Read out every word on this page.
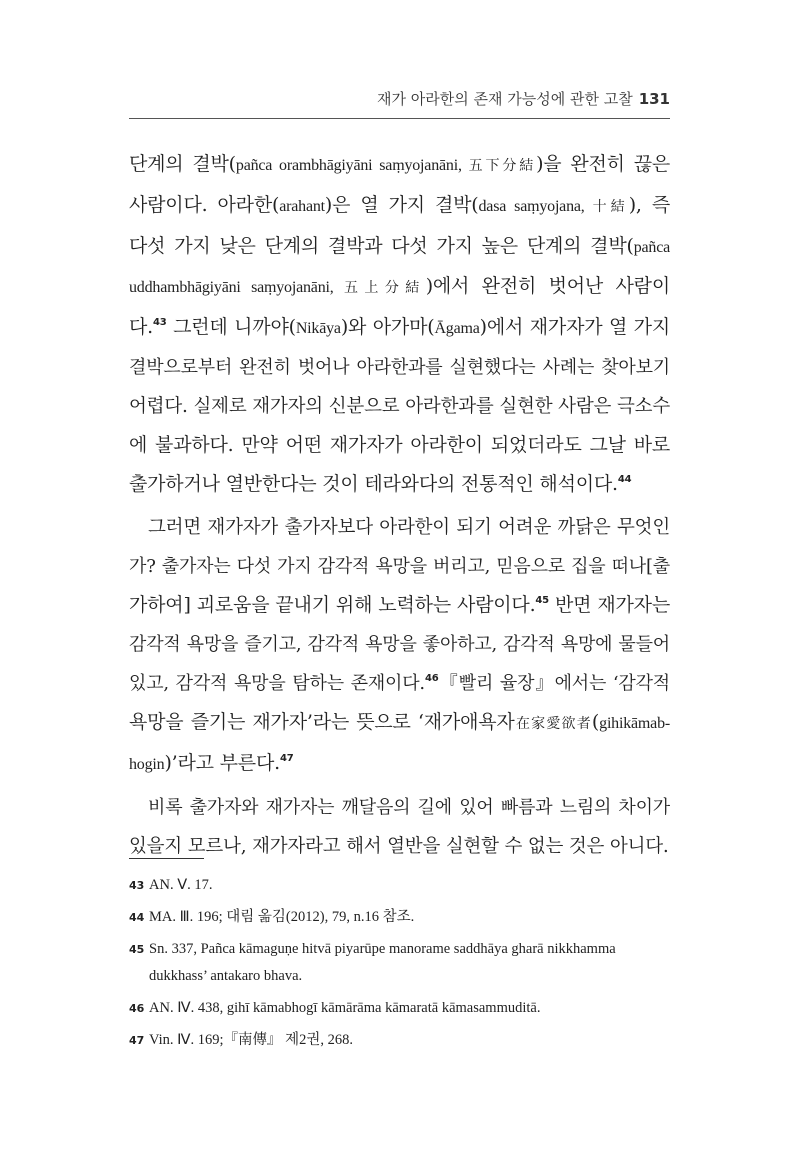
재가 아라한의 존재 가능성에 관한 고찰 131

단계의 결박(pañca orambhāgiyāni saṃyojanāni, 五下分結)을 완전히 끊은

사람이다. 아라한(arahant)은 열 가지 결박(dasa saṃyojana, 十結), 즉

다섯 가지 낮은 단계의 결박과 다섯 가지 높은 단계의 결박(pañca

uddhambhāgiyāni saṃyojanāni, 五上分結)에서 완전히 벗어난 사람이

다.$^{43}$ 그런데 니까야(Nikāya)와 아가마(Āgama)에서 재가자가 열 가지

결박으로부터 완전히 벗어나 아라한과를 실현했다는 사례는 찾아보기

어렵다. 실제로 재가자의 신분으로 아라한과를 실현한 사람은 극소수

에 불과하다. 만약 어떤 재가자가 아라한이 되었더라도 그날 바로

출가하거나 열반한다는 것이 테라와다의 전통적인 해석이다.$^{44}$

그러면 재가자가 출가자보다 아라한이 되기 어려운 까닭은 무엇인

가? 출가자는 다섯 가지 감각적 욕망을 버리고, 믿음으로 집을 떠나[출

가하여] 괴로움을 끝내기 위해 노력하는 사람이다.$^{45}$ 반면 재가자는

감각적 욕망을 즐기고, 감각적 욕망을 좋아하고, 감각적 욕망에 물들어

있고, 감각적 욕망을 탐하는 존재이다.$^{46}$『빨리 율장』에서는 ‘감각적

욕망을 즐기는 재가자’라는 뜻으로 ‘재가애욕자在家愛欲者(gihikāmab-

hogin)’라고 부른다.$^{47}$

비록 출가자와 재가자는 깨달음의 길에 있어 빠름과 느림의 차이가

있을지 모르나, 재가자라고 해서 열반을 실현할 수 없는 것은 아니다.

43 AN. Ⅴ. 17.
44 MA. Ⅲ. 196; 대림 옮김(2012), 79, n.16 참조.
45 Sn. 337, Pañca kāmaguṇe hitvā piyarūpe manorame saddhāya gharā nikkhamma
dukkhass’ antakaro bhava.
46 AN. Ⅳ. 438, gihī kāmabhogī kāmārāma kāmaratā kāmasammuditā.
47 Vin. Ⅳ. 169;『南傳』 제2권, 268.
